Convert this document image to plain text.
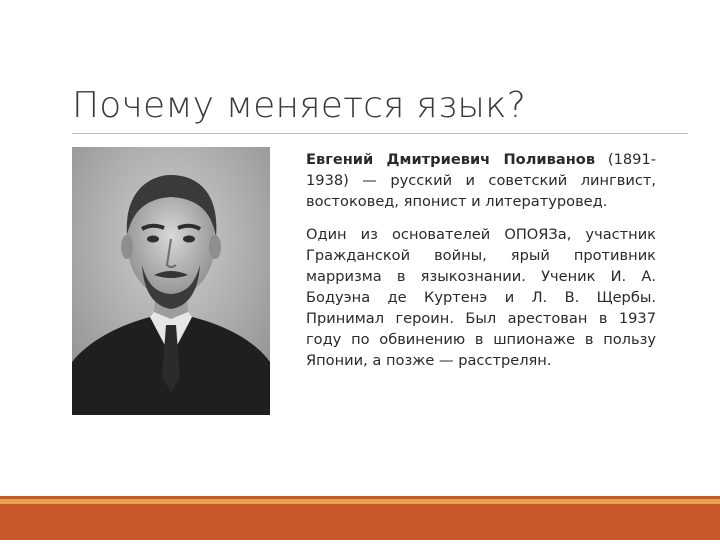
Почему меняется язык?

Евгений Дмитриевич Поливанов (1891-1938) — русский и советский лингвист, востоковед, японист и литературовед.

Один из основателей ОПОЯЗа, участник Гражданской войны, ярый противник марризма в языкознании. Ученик И. А. Бодуэна де Куртенэ и Л. В. Щербы. Принимал героин. Был арестован в 1937 году по обвинению в шпионаже в пользу Японии, а позже — расстрелян.
